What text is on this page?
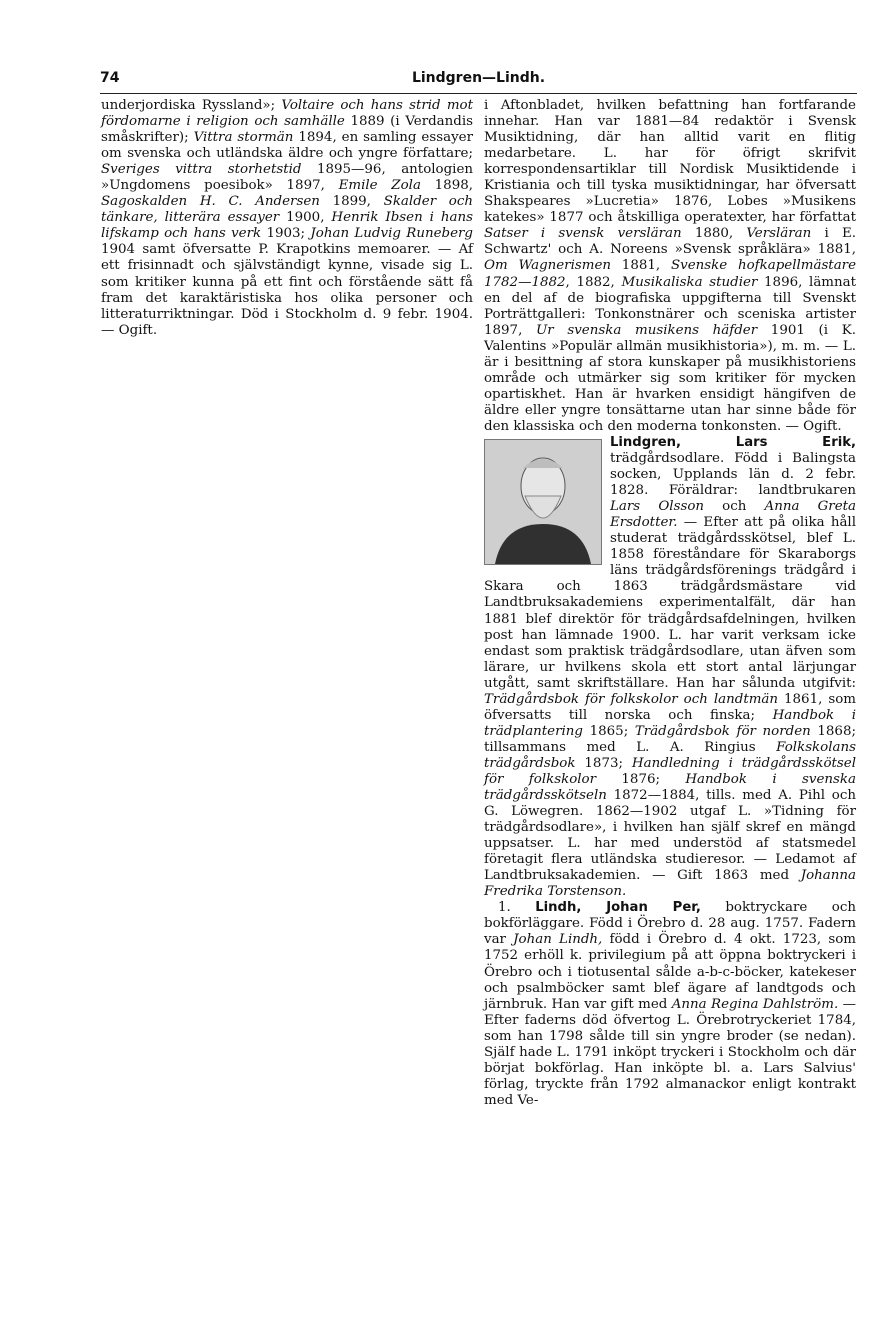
74	Lindgren—Lindh.

underjordiska Ryssland»; Voltaire och hans strid mot fördomarne i religion och samhälle 1889 (i Verdandis småskrifter); Vittra stormän 1894, en samling essayer om svenska och utländska äldre och yngre författare; Sveriges vittra storhetstid 1895—96, antologien »Ungdomens poesibok» 1897, Emile Zola 1898, Sagoskalden H. C. Andersen 1899, Skalder och tänkare, litterära essayer 1900, Henrik Ibsen i hans lifskamp och hans verk 1903; Johan Ludvig Runeberg 1904 samt öfversatte P. Krapotkins memoarer. — Af ett frisinnadt och självständigt kynne, visade sig L. som kritiker kunna på ett fint och förstående sätt få fram det karaktäristiska hos olika personer och litteraturriktningar. Död i Stockholm d. 9 febr. 1904. — Ogift.

i Aftonbladet, hvilken befattning han fortfarande innehar. Han var 1881—84 redaktör i Svensk Musiktidning, där han alltid varit en flitig medarbetare. L. har för öfrigt skrifvit korrespondensartiklar till Nordisk Musiktidende i Kristiania och till tyska musiktidningar, har öfversatt Shakspeares »Lucretia» 1876, Lobes »Musikens katekes» 1877 och åtskilliga operatexter, har författat Satser i svensk versläran 1880, Versläran i E. Schwartz' och A. Noreens »Svensk språklära» 1881, Om Wagnerismen 1881, Svenske hofkapellmästare 1782—1882, 1882, Musikaliska studier 1896, lämnat en del af de biografiska uppgifterna till Svenskt Porträttgalleri: Tonkonstnärer och sceniska artister 1897, Ur svenska musikens häfder 1901 (i K. Valentins »Populär allmän musikhistoria»), m. m. — L. är i besittning af stora kunskaper på musikhistoriens område och utmärker sig som kritiker för mycken opartiskhet. Han är hvarken ensidigt hängifven de äldre eller yngre tonsättarne utan har sinne både för den klassiska och den moderna tonkonsten. — Ogift.

Lindgren, Lars Erik,
trädgårdsodlare. Född i Balingsta socken, Upplands län d. 2 febr. 1828. Föräldrar: landtbrukaren Lars Olsson och Anna Greta Ersdotter. — Efter att på olika håll studerat trädgårdsskötsel, blef L. 1858 föreståndare för Skaraborgs läns trädgårdsförenings trädgård i Skara och 1863 trädgårdsmästare vid Landtbruksakademiens experimentalfält, där han 1881 blef direktör för trädgårdsafdelningen, hvilken post han lämnade 1900. L. har varit verksam icke endast som praktisk trädgårdsodlare, utan äfven som lärare, ur hvilkens skola ett stort antal lärjungar utgått, samt skriftställare. Han har sålunda utgifvit: Trädgårdsbok för folkskolor och landtmän 1861, som öfversatts till norska och finska; Handbok i trädplantering 1865; Trädgårdsbok för norden 1868; tillsammans med L. A. Ringius Folkskolans trädgårdsbok 1873; Handledning i trädgårdsskötsel för folkskolor 1876; Handbok i svenska trädgårdsskötseln 1872—1884, tills. med A. Pihl och G. Löwegren. 1862—1902 utgaf L. »Tidning för trädgårdsodlare», i hvilken han själf skref en mängd uppsatser. L. har med understöd af statsmedel företagit flera utländska studieresor. — Ledamot af Landtbruksakademien. — Gift 1863 med Johanna Fredrika Torstenson.

1. Lindh, Johan Per, boktryckare och bokförläggare. Född i Örebro d. 28 aug. 1757. Fadern var Johan Lindh, född i Örebro d. 4 okt. 1723, som 1752 erhöll k. privilegium på att öppna boktryckeri i Örebro och i tiotusental sålde a-b-c-böcker, katekeser och psalmböcker samt blef ägare af landtgods och järnbruk. Han var gift med Anna Regina Dahlström. — Efter faderns död öfvertog L. Örebrotryckeriet 1784, som han 1798 sålde till sin yngre broder (se nedan). Själf hade L. 1791 inköpt tryckeri i Stockholm och där börjat bokförlag. Han inköpte bl. a. Lars Salvius' förlag, tryckte från 1792 almanackor enligt kontrakt med Ve-
